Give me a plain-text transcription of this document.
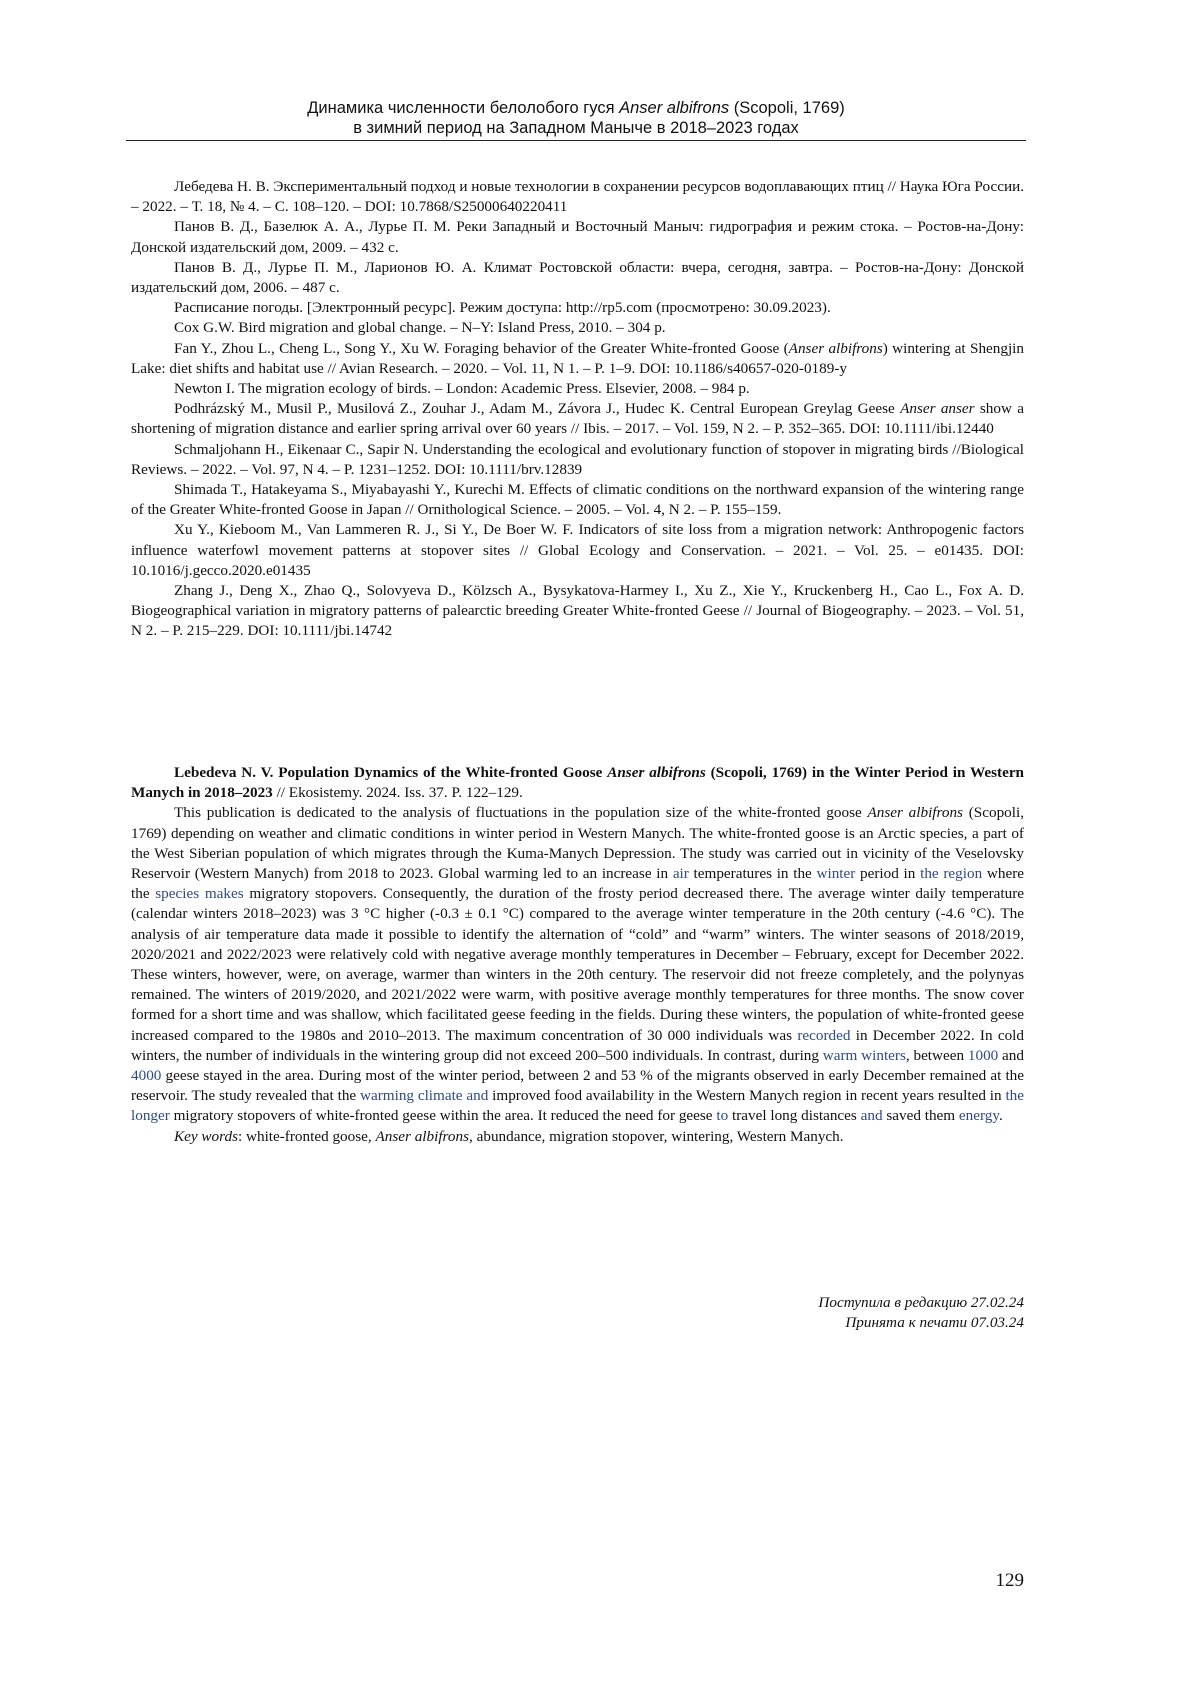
Динамика численности белолобого гуся Anser albifrons (Scopoli, 1769)
в зимний период на Западном Маныче в 2018–2023 годах

Лебедева Н. В. Экспериментальный подход и новые технологии в сохранении ресурсов водоплавающих птиц // Наука Юга России. – 2022. – Т. 18, № 4. – С. 108–120. – DOI: 10.7868/S25000640220411

Панов В. Д., Базелюк А. А., Лурье П. М. Реки Западный и Восточный Маныч: гидрография и режим стока. – Ростов-на-Дону: Донской издательский дом, 2009. – 432 с.

Панов В. Д., Лурье П. М., Ларионов Ю. А. Климат Ростовской области: вчера, сегодня, завтра. – Ростов-на-Дону: Донской издательский дом, 2006. – 487 с.

Расписание погоды. [Электронный ресурс]. Режим доступа: http://rp5.com (просмотрено: 30.09.2023).

Cox G.W. Bird migration and global change. – N–Y: Island Press, 2010. – 304 p.

Fan Y., Zhou L., Cheng L., Song Y., Xu W. Foraging behavior of the Greater White-fronted Goose (Anser albifrons) wintering at Shengjin Lake: diet shifts and habitat use // Avian Research. – 2020. – Vol. 11, N 1. – P. 1–9. DOI: 10.1186/s40657-020-0189-y

Newton I. The migration ecology of birds. – London: Academic Press. Elsevier, 2008. – 984 p.

Podhrázský M., Musil P., Musilová Z., Zouhar J., Adam M., Závora J., Hudec K. Central European Greylag Geese Anser anser show a shortening of migration distance and earlier spring arrival over 60 years // Ibis. – 2017. – Vol. 159, N 2. – P. 352–365. DOI: 10.1111/ibi.12440

Schmaljohann H., Eikenaar C., Sapir N. Understanding the ecological and evolutionary function of stopover in migrating birds //Biological Reviews. – 2022. – Vol. 97, N 4. – P. 1231–1252. DOI: 10.1111/brv.12839

Shimada T., Hatakeyama S., Miyabayashi Y., Kurechi M. Effects of climatic conditions on the northward expansion of the wintering range of the Greater White-fronted Goose in Japan // Ornithological Science. – 2005. – Vol. 4, N 2. – P. 155–159.

Xu Y., Kieboom M., Van Lammeren R. J., Si Y., De Boer W. F. Indicators of site loss from a migration network: Anthropogenic factors influence waterfowl movement patterns at stopover sites // Global Ecology and Conservation. – 2021. – Vol. 25. – e01435. DOI: 10.1016/j.gecco.2020.e01435

Zhang J., Deng X., Zhao Q., Solovyeva D., Kölzsch A., Bysykatova-Harmey I., Xu Z., Xie Y., Kruckenberg H., Cao L., Fox A. D. Biogeographical variation in migratory patterns of palearctic breeding Greater White-fronted Geese // Journal of Biogeography. – 2023. – Vol. 51, N 2. – P. 215–229. DOI: 10.1111/jbi.14742

Lebedeva N. V. Population Dynamics of the White-fronted Goose Anser albifrons (Scopoli, 1769) in the Winter Period in Western Manych in 2018–2023 // Ekosistemy. 2024. Iss. 37. P. 122–129.

This publication is dedicated to the analysis of fluctuations in the population size of the white-fronted goose Anser albifrons (Scopoli, 1769) depending on weather and climatic conditions in winter period in Western Manych. The white-fronted goose is an Arctic species, a part of the West Siberian population of which migrates through the Kuma-Manych Depression. The study was carried out in vicinity of the Veselovsky Reservoir (Western Manych) from 2018 to 2023. Global warming led to an increase in air temperatures in the winter period in the region where the species makes migratory stopovers. Consequently, the duration of the frosty period decreased there. The average winter daily temperature (calendar winters 2018–2023) was 3 °C higher (-0.3 ± 0.1 °C) compared to the average winter temperature in the 20th century (-4.6 °C). The analysis of air temperature data made it possible to identify the alternation of “cold” and “warm” winters. The winter seasons of 2018/2019, 2020/2021 and 2022/2023 were relatively cold with negative average monthly temperatures in December – February, except for December 2022. These winters, however, were, on average, warmer than winters in the 20th century. The reservoir did not freeze completely, and the polynyas remained. The winters of 2019/2020, and 2021/2022 were warm, with positive average monthly temperatures for three months. The snow cover formed for a short time and was shallow, which facilitated geese feeding in the fields. During these winters, the population of white-fronted geese increased compared to the 1980s and 2010–2013. The maximum concentration of 30 000 individuals was recorded in December 2022. In cold winters, the number of individuals in the wintering group did not exceed 200–500 individuals. In contrast, during warm winters, between 1000 and 4000 geese stayed in the area. During most of the winter period, between 2 and 53 % of the migrants observed in early December remained at the reservoir. The study revealed that the warming climate and improved food availability in the Western Manych region in recent years resulted in the longer migratory stopovers of white-fronted geese within the area. It reduced the need for geese to travel long distances and saved them energy.

Key words: white-fronted goose, Anser albifrons, abundance, migration stopover, wintering, Western Manych.

Поступила в редакцию 27.02.24
Принята к печати 07.03.24
129
